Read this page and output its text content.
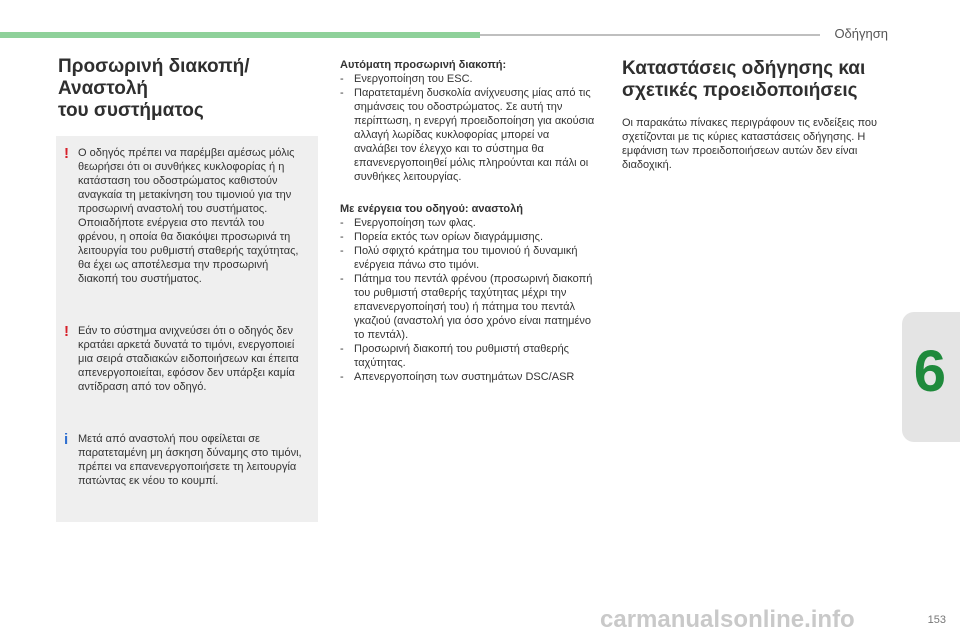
Οδήγηση
6
Προσωρινή διακοπή/Αναστολή
του συστήματος
! Ο οδηγός πρέπει να παρέμβει αμέσως μόλις θεωρήσει ότι οι συνθήκες κυκλοφορίας ή η κατάσταση του οδοστρώματος καθιστούν αναγκαία τη μετακίνηση του τιμονιού για την προσωρινή αναστολή του συστήματος. Οποιαδήποτε ενέργεια στο πεντάλ του φρένου, η οποία θα διακόψει προσωρινά τη λειτουργία του ρυθμιστή σταθερής ταχύτητας, θα έχει ως αποτέλεσμα την προσωρινή διακοπή του συστήματος.
! Εάν το σύστημα ανιχνεύσει ότι ο οδηγός δεν κρατάει αρκετά δυνατά το τιμόνι, ενεργοποιεί μια σειρά σταδιακών ειδοποιήσεων και έπειτα απενεργοποιείται, εφόσον δεν υπάρξει καμία αντίδραση από τον οδηγό.
i Μετά από αναστολή που οφείλεται σε παρατεταμένη μη άσκηση δύναμης στο τιμόνι, πρέπει να επανενεργοποιήσετε τη λειτουργία πατώντας εκ νέου το κουμπί.

Αυτόματη προσωρινή διακοπή:

- Ενεργοποίηση του ESC.
- Παρατεταμένη δυσκολία ανίχνευσης μίας από τις σημάνσεις του οδοστρώματος. Σε αυτή την περίπτωση, η ενεργή προειδοποίηση για ακούσια αλλαγή λωρίδας κυκλοφορίας μπορεί να αναλάβει τον έλεγχο και το σύστημα θα επανενεργοποιηθεί μόλις πληρούνται και πάλι οι συνθήκες λειτουργίας.

Με ενέργεια του οδηγού: αναστολή

- Ενεργοποίηση των φλας.
- Πορεία εκτός των ορίων διαγράμμισης.
- Πολύ σφιχτό κράτημα του τιμονιού ή δυναμική ενέργεια πάνω στο τιμόνι.
- Πάτημα του πεντάλ φρένου (προσωρινή διακοπή του ρυθμιστή σταθερής ταχύτητας μέχρι την επανενεργοποίησή του) ή πάτημα του πεντάλ γκαζιού (αναστολή για όσο χρόνο είναι πατημένο το πεντάλ).
- Προσωρινή διακοπή του ρυθμιστή σταθερής ταχύτητας.
- Απενεργοποίηση των συστημάτων DSC/ASR
Καταστάσεις οδήγησης και
σχετικές προειδοποιήσεις

Οι παρακάτω πίνακες περιγράφουν τις ενδείξεις που σχετίζονται με τις κύριες καταστάσεις οδήγησης. Η εμφάνιση των προειδοποιήσεων αυτών δεν είναι διαδοχική.

carmanualsonline.info	153
